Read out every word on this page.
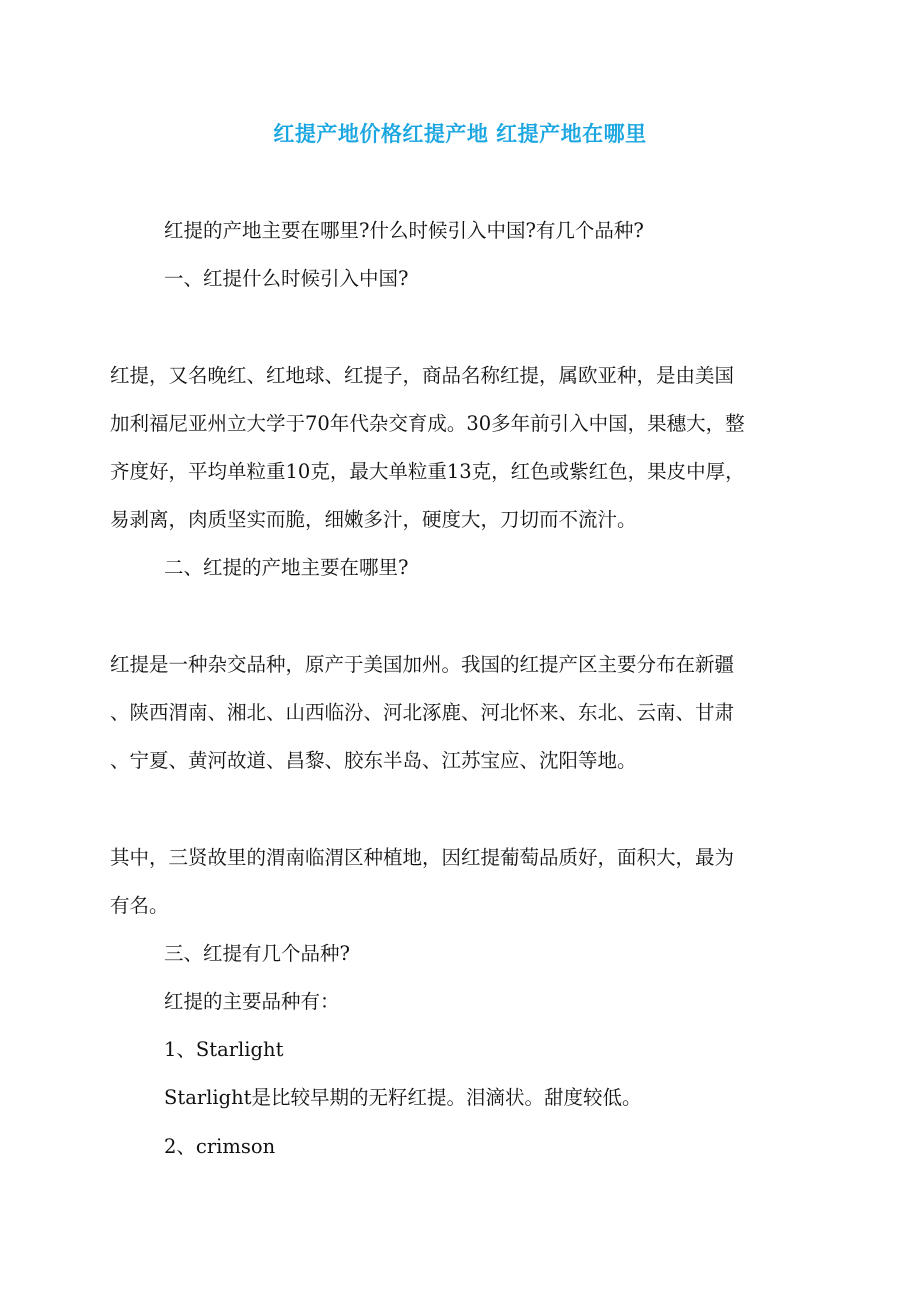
红提产地价格红提产地 红提产地在哪里
红提的产地主要在哪里?什么时候引入中国?有几个品种?
一、红提什么时候引入中国?
红提，又名晚红、红地球、红提子，商品名称红提，属欧亚种，是由美国
加利福尼亚州立大学于70年代杂交育成。30多年前引入中国，果穗大，整
齐度好，平均单粒重10克，最大单粒重13克，红色或紫红色，果皮中厚，
易剥离，肉质坚实而脆，细嫩多汁，硬度大，刀切而不流汁。
二、红提的产地主要在哪里?
红提是一种杂交品种，原产于美国加州。我国的红提产区主要分布在新疆
、陕西渭南、湘北、山西临汾、河北涿鹿、河北怀来、东北、云南、甘肃
、宁夏、黄河故道、昌黎、胶东半岛、江苏宝应、沈阳等地。
其中，三贤故里的渭南临渭区种植地，因红提葡萄品质好，面积大，最为
有名。
三、红提有几个品种?
红提的主要品种有：
1、Starlight
Starlight是比较早期的无籽红提。泪滴状。甜度较低。
2、crimson
